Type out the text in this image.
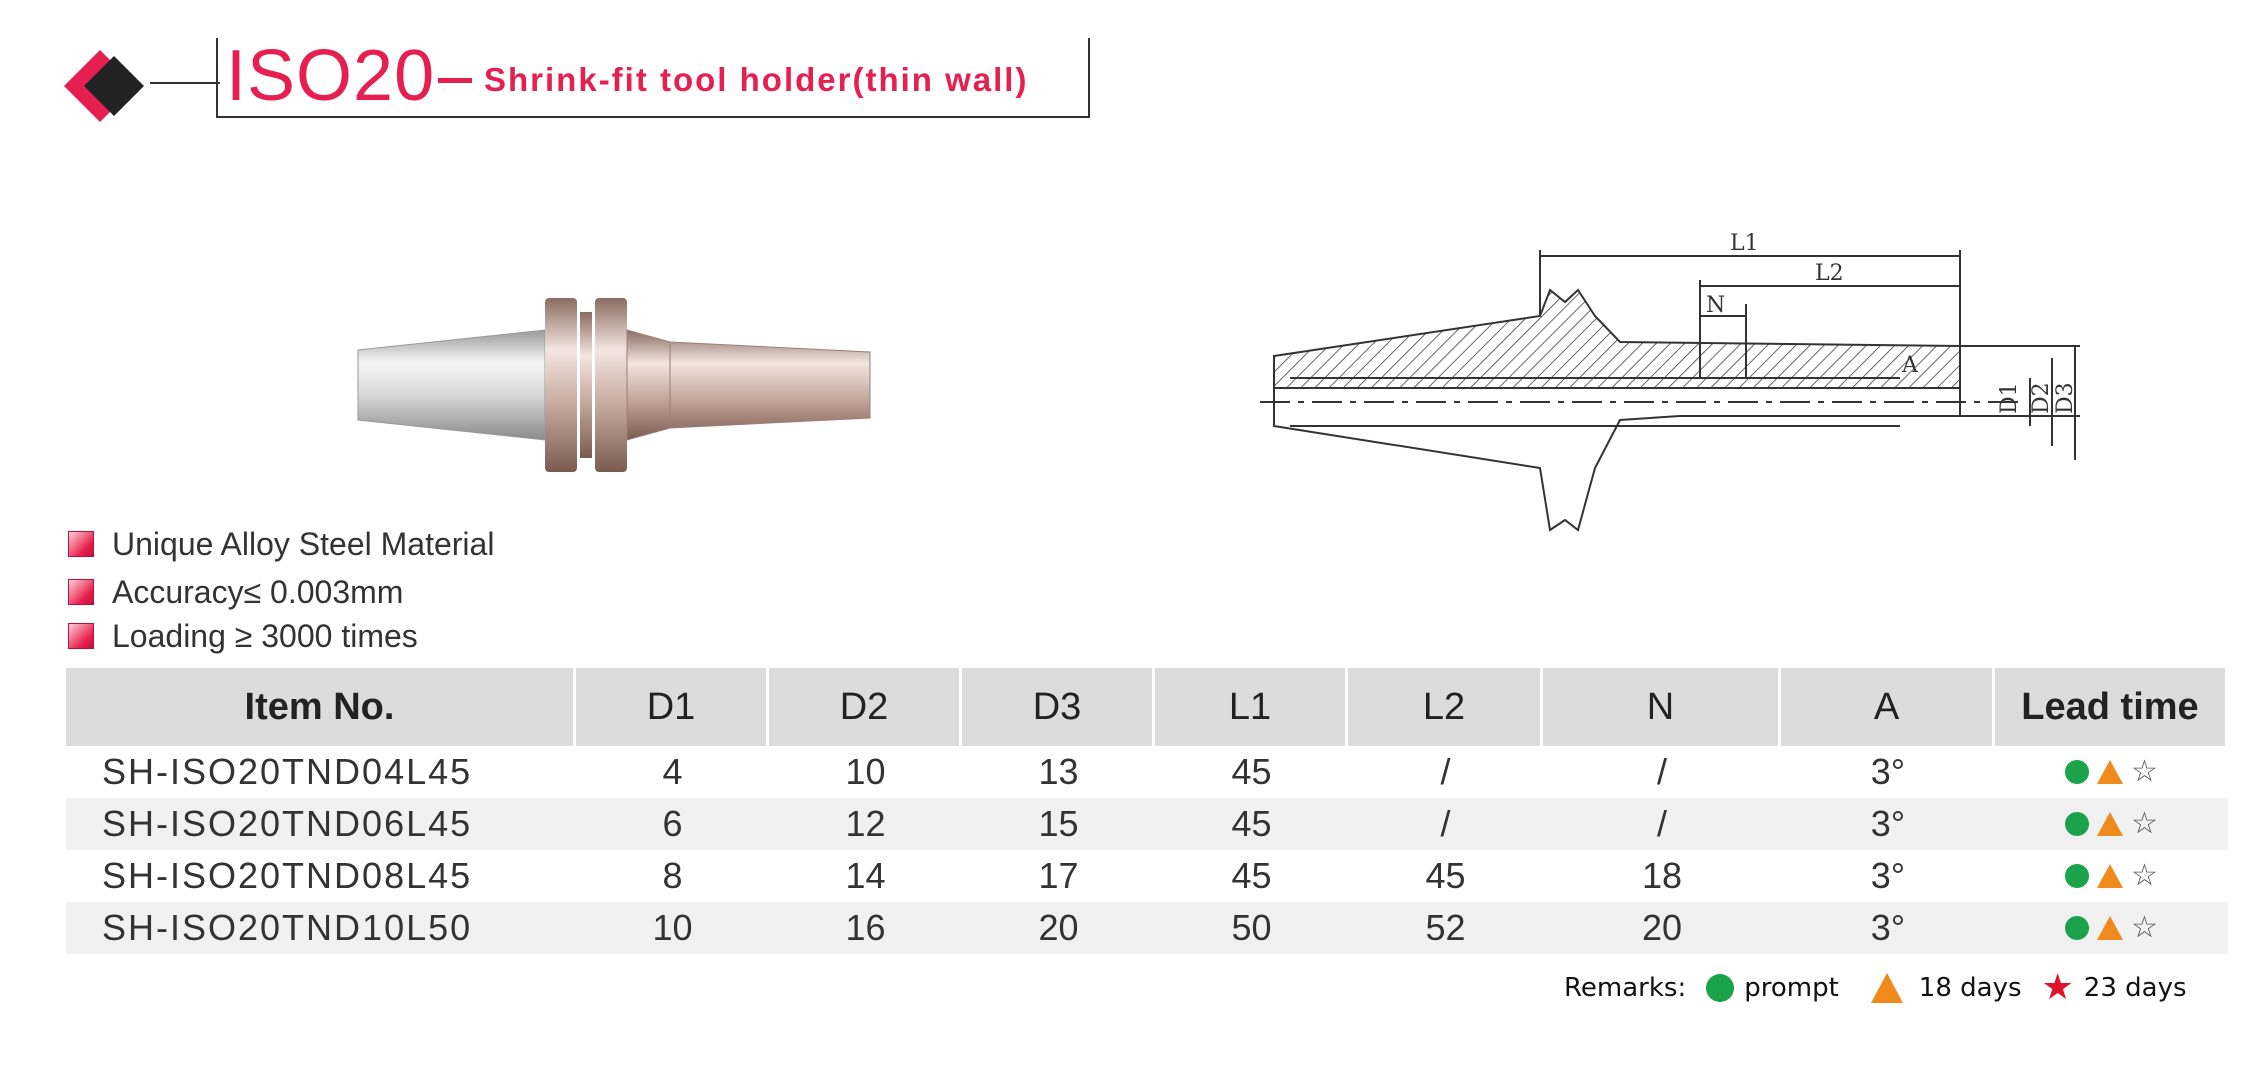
ISO20 Shrink-fit tool holder(thin wall)
L1
L2
N
A
D1 D2 D3
Unique Alloy Steel Material
Accuracy≤ 0.003mm
Loading ≥ 3000 times
Item No.	D1	D2	D3	L1	L2	N	A	Lead time
SH-ISO20TND04L45	4	10	13	45	/	/	3°	☆
SH-ISO20TND06L45	6	12	15	45	/	/	3°	☆
SH-ISO20TND08L45	8	14	17	45	45	18	3°	☆
SH-ISO20TND10L50	10	16	20	50	52	20	3°	☆
Remarks: prompt	18 days ★ 23 days
